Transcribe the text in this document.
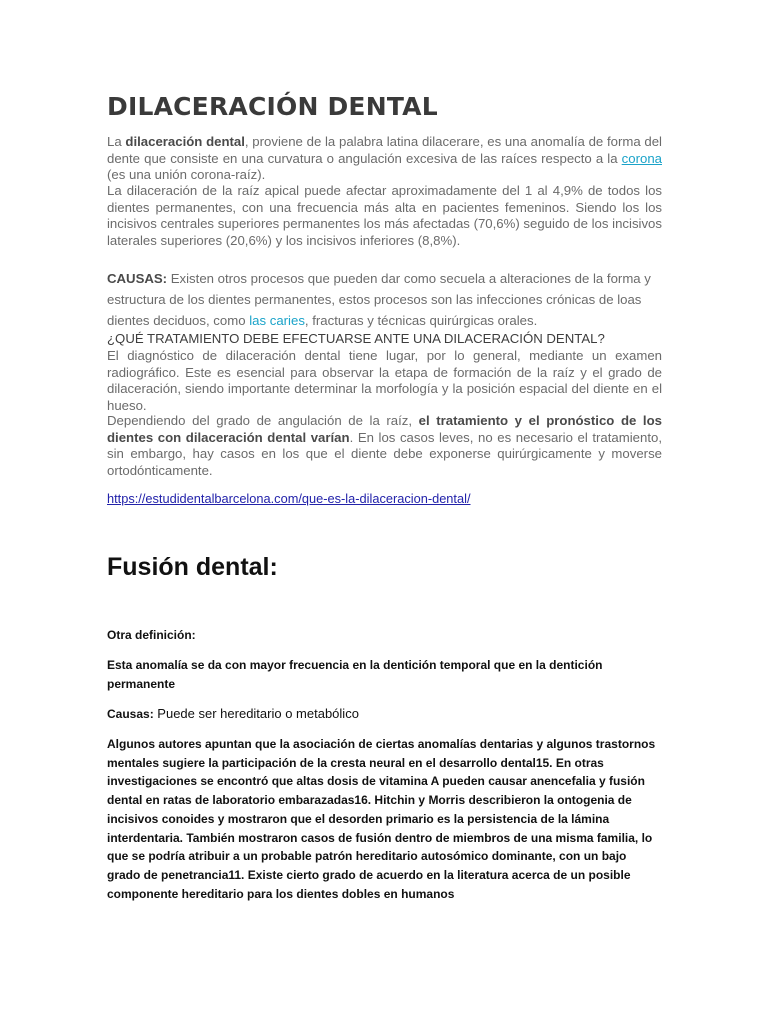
DILACERACIÓN DENTAL
La dilaceración dental, proviene de la palabra latina dilacerare, es una anomalía de forma del dente que consiste en una curvatura o angulación excesiva de las raíces respecto a la corona (es una unión corona-raíz).
La dilaceración de la raíz apical puede afectar aproximadamente del 1 al 4,9% de todos los dientes permanentes, con una frecuencia más alta en pacientes femeninos. Siendo los los incisivos centrales superiores permanentes los más afectadas (70,6%) seguido de los incisivos laterales superiores (20,6%) y los incisivos inferiores (8,8%).
CAUSAS: Existen otros procesos que pueden dar como secuela a alteraciones de la forma y
estructura de los dientes permanentes, estos procesos son las infecciones crónicas de loas
dientes deciduos, como las caries, fracturas y técnicas quirúrgicas orales.
¿QUÉ TRATAMIENTO DEBE EFECTUARSE ANTE UNA DILACERACIÓN DENTAL?
El diagnóstico de dilaceración dental tiene lugar, por lo general, mediante un examen radiográfico. Este es esencial para observar la etapa de formación de la raíz y el grado de dilaceración, siendo importante determinar la morfología y la posición espacial del diente en el hueso.
Dependiendo del grado de angulación de la raíz, el tratamiento y el pronóstico de los dientes con dilaceración dental varían. En los casos leves, no es necesario el tratamiento, sin embargo, hay casos en los que el diente debe exponerse quirúrgicamente y moverse ortodónticamente.
https://estudidentalbarcelona.com/que-es-la-dilaceracion-dental/
Fusión dental:
Otra definición:
Esta anomalía se da con mayor frecuencia en la dentición temporal que en la dentición permanente
Causas: Puede ser hereditario o metabólico
Algunos autores apuntan que la asociación de ciertas anomalías dentarias y algunos trastornos mentales sugiere la participación de la cresta neural en el desarrollo dental15. En otras investigaciones se encontró que altas dosis de vitamina A pueden causar anencefalia y fusión dental en ratas de laboratorio embarazadas16. Hitchin y Morris describieron la ontogenia de incisivos conoides y mostraron que el desorden primario es la persistencia de la lámina interdentaria. También mostraron casos de fusión dentro de miembros de una misma familia, lo que se podría atribuir a un probable patrón hereditario autosómico dominante, con un bajo grado de penetrancia11. Existe cierto grado de acuerdo en la literatura acerca de un posible componente hereditario para los dientes dobles en humanos
